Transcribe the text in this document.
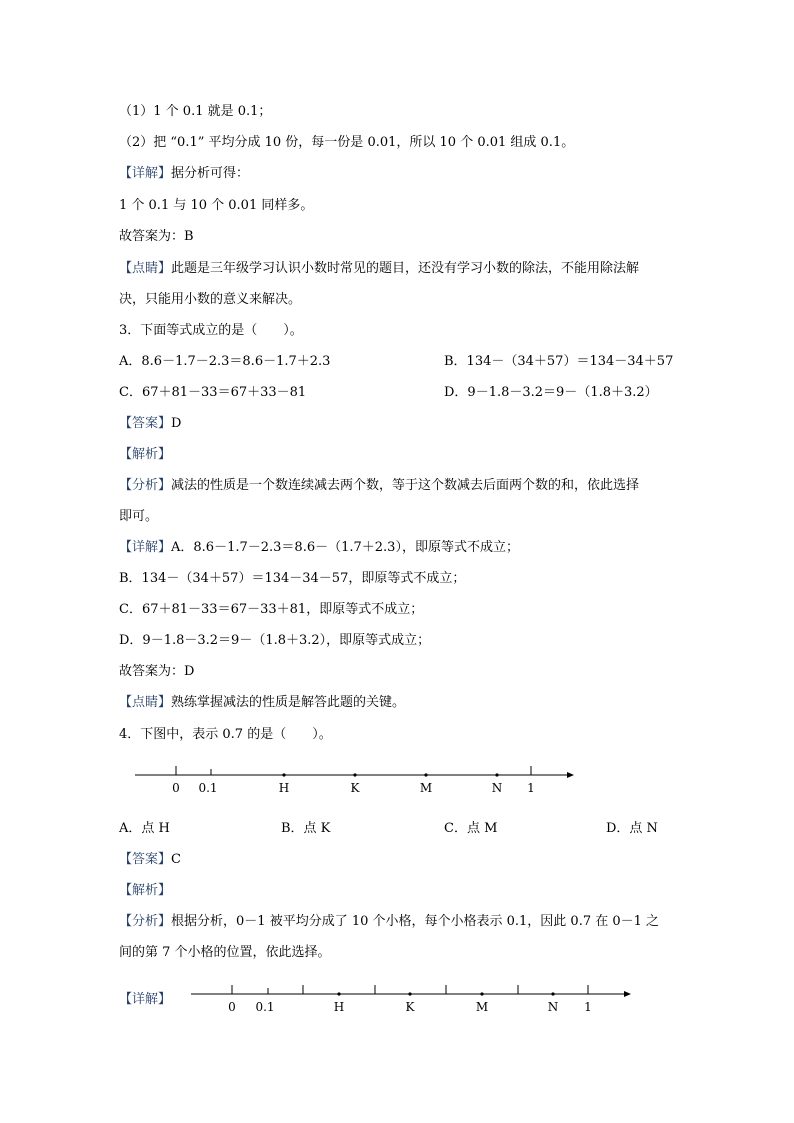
（1）1 个 0.1 就是 0.1；
（2）把 “0.1” 平均分成 10 份，每一份是 0.01，所以 10 个 0.01 组成 0.1。
【详解】据分析可得：
1 个 0.1 与 10 个 0.01 同样多。
故答案为：B
【点睛】此题是三年级学习认识小数时常见的题目，还没有学习小数的除法，不能用除法解
决，只能用小数的意义来解决。
3．下面等式成立的是（　　）。
A．8.6－1.7－2.3＝8.6－1.7＋2.3	B．134－（34＋57）＝134－34＋57
C．67＋81－33＝67＋33－81	D．9－1.8－3.2＝9－（1.8＋3.2）
【答案】D
【解析】
【分析】减法的性质是一个数连续减去两个数，等于这个数减去后面两个数的和，依此选择
即可。
【详解】A．8.6－1.7－2.3＝8.6－（1.7＋2.3），即原等式不成立；
B．134－（34＋57）＝134－34－57，即原等式不成立；
C．67＋81－33＝67－33＋81，即原等式不成立；
D．9－1.8－3.2＝9－（1.8＋3.2），即原等式成立；
故答案为：D
【点睛】熟练掌握减法的性质是解答此题的关键。
4．下图中，表示 0.7 的是（　　）。
0 0.1	H	K	M	N 1
A．点 H	B．点 K	C．点 M	D．点 N
【答案】C
【解析】
【分析】根据分析，0－1 被平均分成了 10 个小格，每个小格表示 0.1，因此 0.7 在 0－1 之
间的第 7 个小格的位置，依此选择。
【详解】	0 0.1	H	K	M	N 1
